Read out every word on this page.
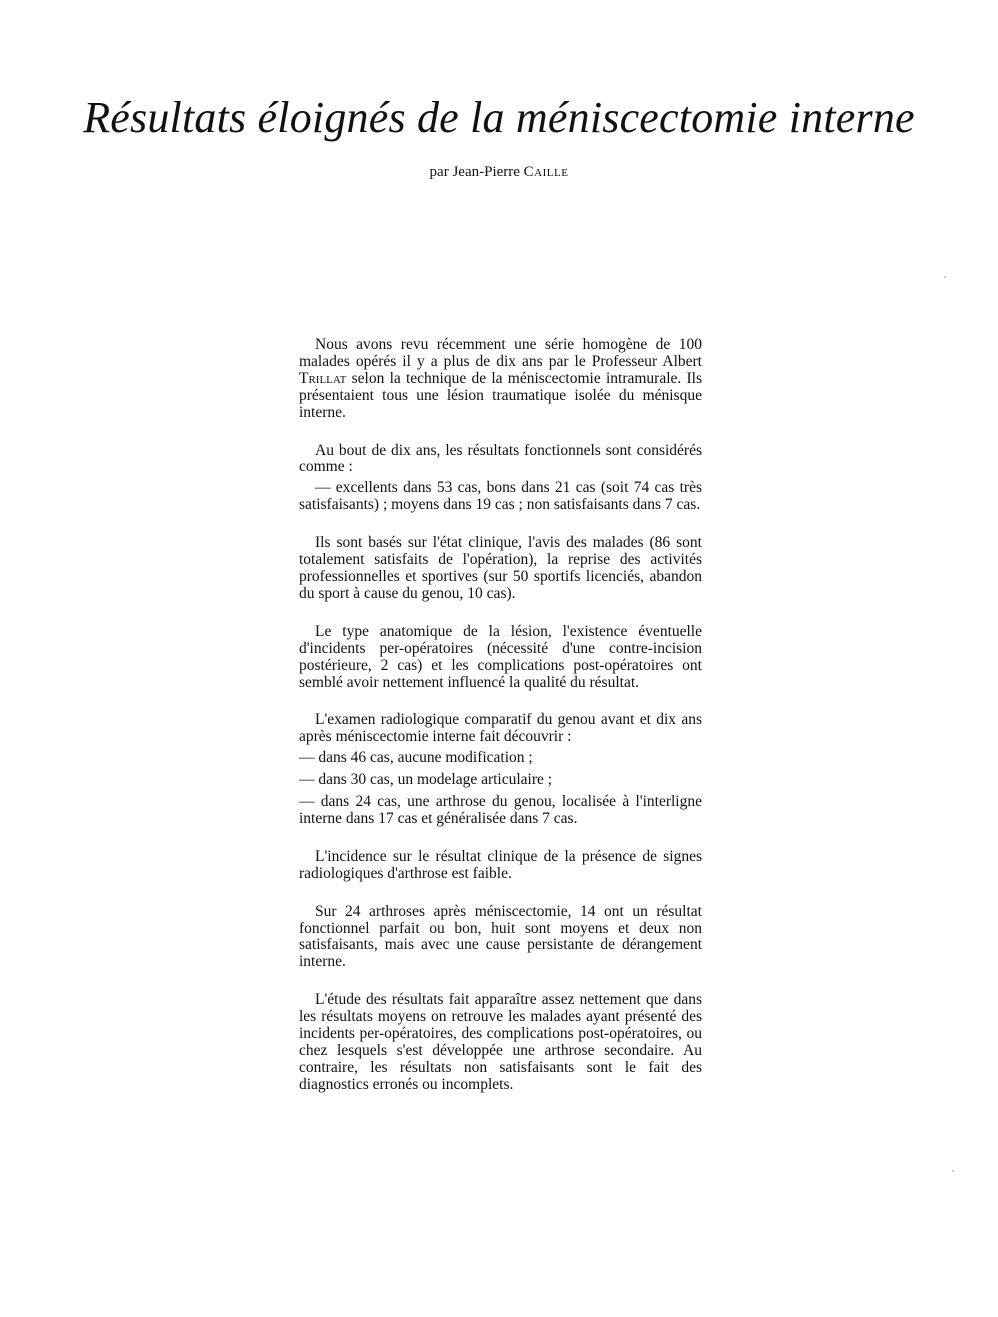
Résultats éloignés de la méniscectomie interne

par Jean-Pierre Caille

Nous avons revu récemment une série homogène de 100 malades opérés il y a plus de dix ans par le Professeur Albert Trillat selon la technique de la méniscectomie intramurale. Ils présentaient tous une lésion traumatique isolée du ménisque interne.

Au bout de dix ans, les résultats fonctionnels sont considérés comme :

— excellents dans 53 cas, bons dans 21 cas (soit 74 cas très satisfaisants) ; moyens dans 19 cas ; non satisfaisants dans 7 cas.

Ils sont basés sur l'état clinique, l'avis des malades (86 sont totalement satisfaits de l'opération), la reprise des activités professionnelles et sportives (sur 50 sportifs licenciés, abandon du sport à cause du genou, 10 cas).

Le type anatomique de la lésion, l'existence éventuelle d'incidents per-opératoires (nécessité d'une contre-incision postérieure, 2 cas) et les complications post-opératoires ont semblé avoir nettement influencé la qualité du résultat.

L'examen radiologique comparatif du genou avant et dix ans après méniscectomie interne fait découvrir :

— dans 46 cas, aucune modification ;

— dans 30 cas, un modelage articulaire ;

— dans 24 cas, une arthrose du genou, localisée à l'interligne interne dans 17 cas et généralisée dans 7 cas.

L'incidence sur le résultat clinique de la présence de signes radiologiques d'arthrose est faible.

Sur 24 arthroses après méniscectomie, 14 ont un résultat fonctionnel parfait ou bon, huit sont moyens et deux non satisfaisants, mais avec une cause persistante de dérangement interne.

L'étude des résultats fait apparaître assez nettement que dans les résultats moyens on retrouve les malades ayant présenté des incidents per-opératoires, des complications post-opératoires, ou chez lesquels s'est développée une arthrose secondaire. Au contraire, les résultats non satisfaisants sont le fait des diagnostics erronés ou incomplets.
